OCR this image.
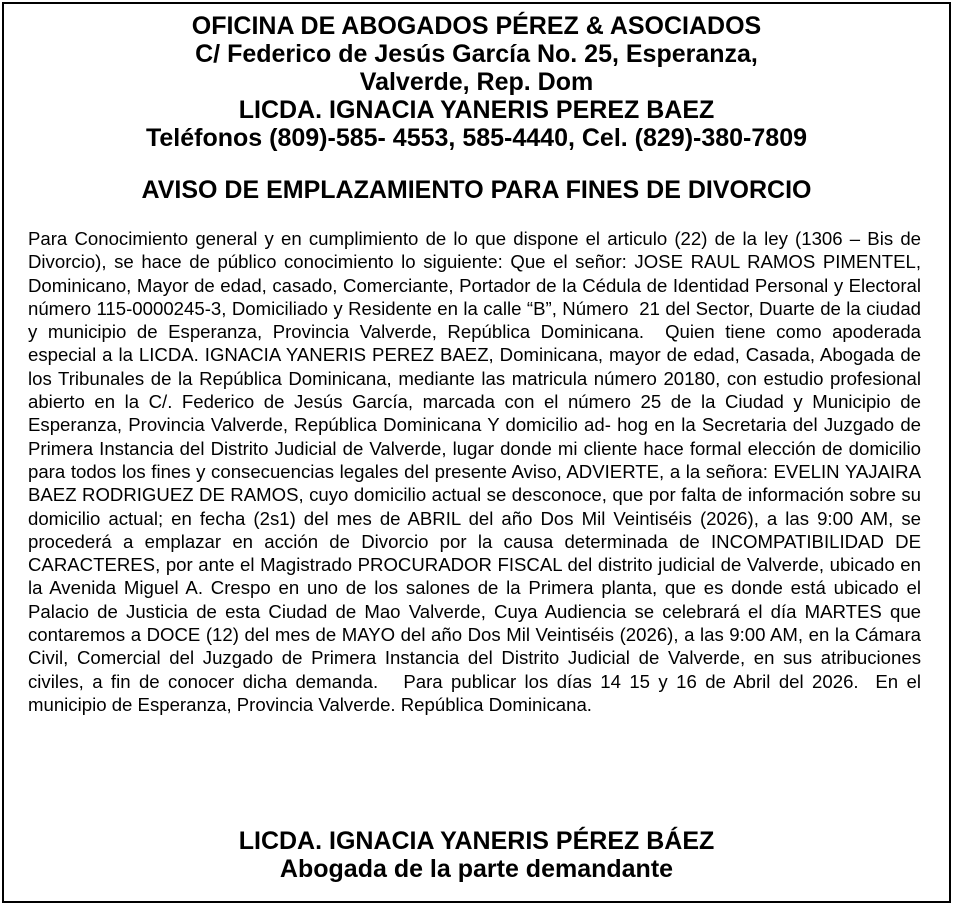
OFICINA DE ABOGADOS PÉREZ & ASOCIADOS
C/ Federico de Jesús García No. 25, Esperanza,
Valverde, Rep. Dom
LICDA. IGNACIA YANERIS PEREZ BAEZ
Teléfonos (809)-585- 4553, 585-4440, Cel. (829)-380-7809
AVISO DE EMPLAZAMIENTO PARA FINES DE DIVORCIO
Para Conocimiento general y en cumplimiento de lo que dispone el articulo (22) de la ley (1306 – Bis de Divorcio), se hace de público conocimiento lo siguiente: Que el señor: JOSE RAUL RAMOS PIMENTEL, Dominicano, Mayor de edad, casado, Comerciante, Portador de la Cédula de Identidad Personal y Electoral número 115-0000245-3, Domiciliado y Residente en la calle “B”, Número  21 del Sector, Duarte de la ciudad y municipio de Esperanza, Provincia Valverde, República Dominicana.  Quien tiene como apoderada especial a la LICDA. IGNACIA YANERIS PEREZ BAEZ, Dominicana, mayor de edad, Casada, Abogada de los Tribunales de la República Dominicana, mediante las matricula número 20180, con estudio profesional abierto en la C/. Federico de Jesús García, marcada con el número 25 de la Ciudad y Municipio de Esperanza, Provincia Valverde, República Dominicana Y domicilio ad- hog en la Secretaria del Juzgado de Primera Instancia del Distrito Judicial de Valverde, lugar donde mi cliente hace formal elección de domicilio para todos los fines y consecuencias legales del presente Aviso, ADVIERTE, a la señora: EVELIN YAJAIRA BAEZ RODRIGUEZ DE RAMOS, cuyo domicilio actual se desconoce, que por falta de información sobre su domicilio actual; en fecha (2s1) del mes de ABRIL del año Dos Mil Veintiséis (2026), a las 9:00 AM, se procederá a emplazar en acción de Divorcio por la causa determinada de INCOMPATIBILIDAD DE CARACTERES, por ante el Magistrado PROCURADOR FISCAL del distrito judicial de Valverde, ubicado en la Avenida Miguel A. Crespo en uno de los salones de la Primera planta, que es donde está ubicado el Palacio de Justicia de esta Ciudad de Mao Valverde, Cuya Audiencia se celebrará el día MARTES que contaremos a DOCE (12) del mes de MAYO del año Dos Mil Veintiséis (2026), a las 9:00 AM, en la Cámara Civil, Comercial del Juzgado de Primera Instancia del Distrito Judicial de Valverde, en sus atribuciones civiles, a fin de conocer dicha demanda.   Para publicar los días 14 15 y 16 de Abril del 2026.  En el municipio de Esperanza, Provincia Valverde. República Dominicana.
LICDA. IGNACIA YANERIS PÉREZ BÁEZ
Abogada de la parte demandante
